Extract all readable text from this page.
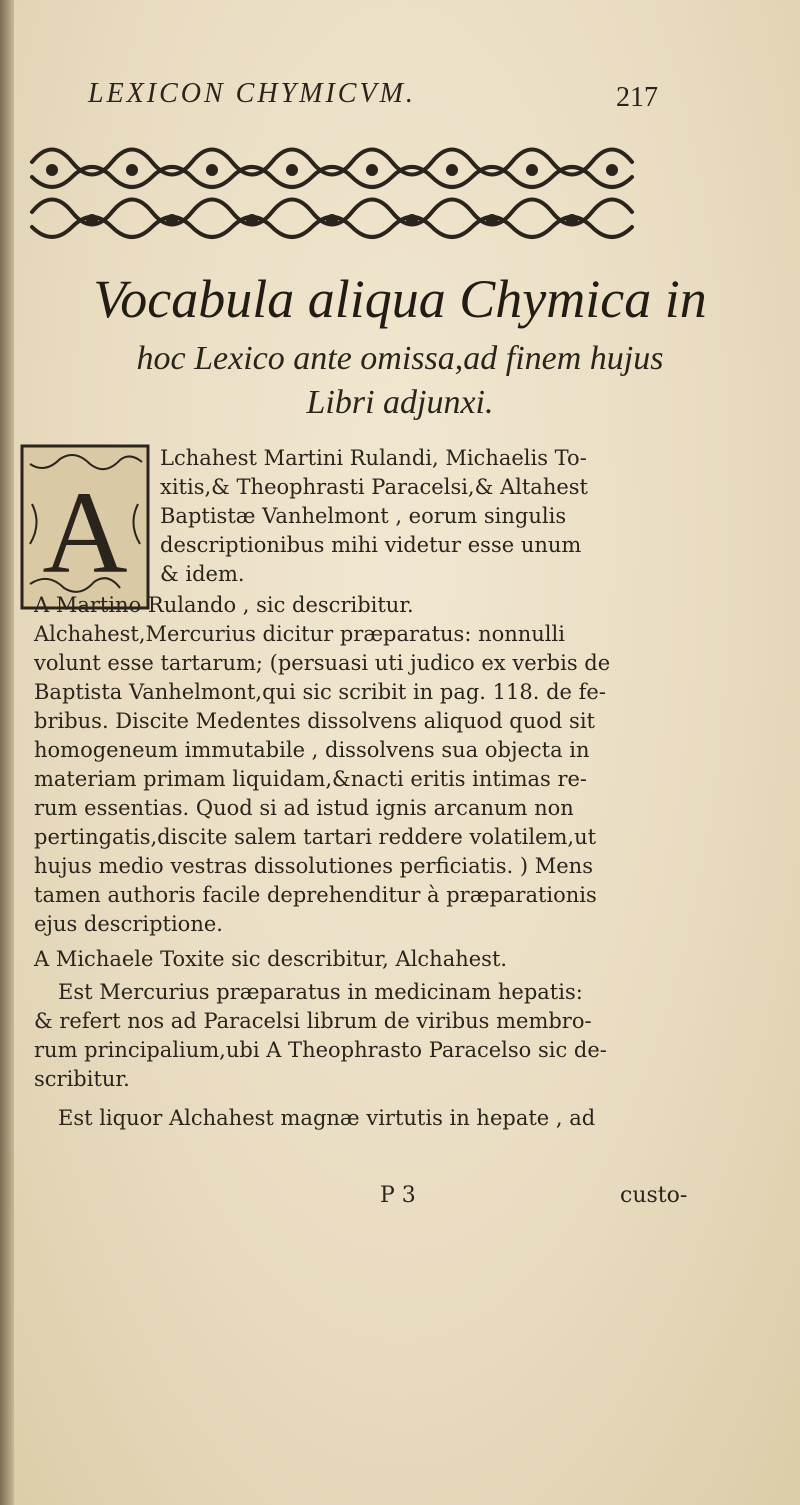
LEXICON CHYMICVM.	217
Vocabula aliqua Chymica in
hoc Lexico ante omissa,ad finem hujus
Libri adjunxi.
A
Lchahest Martini Rulandi, Michaelis To-
xitis,& Theophrasti Paracelsi,& Altahest
Baptistæ Vanhelmont , eorum singulis
descriptionibus mihi videtur esse unum
& idem.
A Martino Rulando , sic describitur.
Alchahest,Mercurius dicitur præparatus: nonnulli
volunt esse tartarum; (persuasi uti judico ex verbis de
Baptista Vanhelmont,qui sic scribit in pag. 118. de fe-
bribus. Discite Medentes dissolvens aliquod quod sit
homogeneum immutabile , dissolvens sua objecta in
materiam primam liquidam,&nacti eritis intimas re-
rum essentias. Quod si ad istud ignis arcanum non
pertingatis,discite salem tartari reddere volatilem,ut
hujus medio vestras dissolutiones perficiatis. ) Mens
tamen authoris facile deprehenditur à præparationis
ejus descriptione.
A Michaele Toxite sic describitur, Alchahest.
Est Mercurius præparatus in medicinam hepatis:
& refert nos ad Paracelsi librum de viribus membro-
rum principalium,ubi A Theophrasto Paracelso sic de-
scribitur.
Est liquor Alchahest magnæ virtutis in hepate , ad
P 3	custo-
